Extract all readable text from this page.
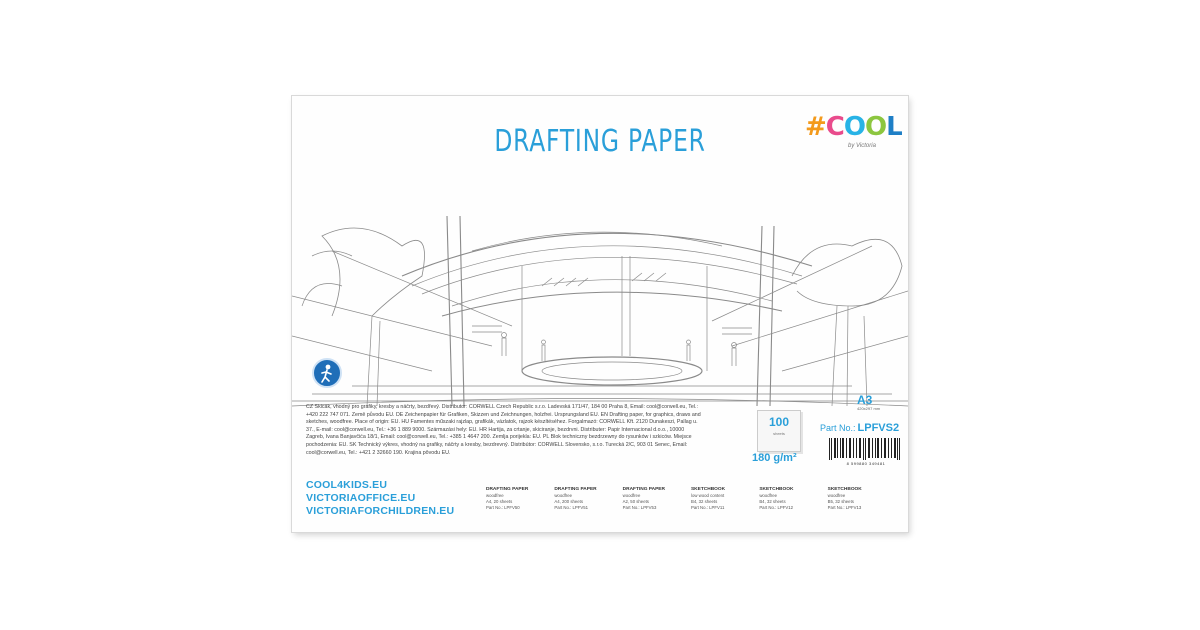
DRAFTING PAPER	#COOL
by Victoria
CZ Skicák, vhodný pro grafiky, kresby a náčrty, bezdřevý. Distributor: CORWELL Czech Republic s.r.o. Ladevská 171/47, 184 00 Praha 8, Email: cool@corwell.eu, Tel.: +420 222 747 071. Země původu EU. DE Zeichenpapier für Grafiken, Skizzen und Zeichnungen, holzfrei. Ursprungsland EU. EN Drafting paper, for graphics, draws and sketches, woodfree. Place of origin: EU. HU Famentes műszaki rajzlap, grafikák, vázlatok, rajzok készítéséhez. Forgalmazó: CORWELL Kft. 2120 Dunakeszi, Pallag u. 37., E-mail: cool@corwell.eu, Tel.: +36 1 889 9000. Származási hely: EU. HR Hartija, za crtanje, skiciranje, bezdrvni. Distributer: Papir Internacional d.o.o., 10000 Zagreb, Ivana Banjavčića 18/1, Email: cool@corwell.eu, Tel.: +385 1 4647 200. Zemlja porijekla: EU. PL Blok techniczny bezdrzewny do rysunków i szkiców. Miejsce pochodzenia: EU. SK Technický výkres, vhodný na grafiky, náčrty a kresby, bezdrevný. Distribútor: CORWELL Slovensko, s.r.o. Turecká 2/C, 903 01 Senec, Email: cool@corwell.eu, Tel.: +421 2 32660 190. Krajina pôvodu EU.
100
sheets
180 g/m²
A3
420x297 mm
Part No.: LPFVS2
8 599880 349481
COOL4KIDS.EU
VICTORIAOFFICE.EU
VICTORIAFORCHILDREN.EU
DRAFTING PAPER
woodfree
A4, 20 sheets
Part No.: LPFV50
DRAFTING PAPER
woodfree
A4, 200 sheets
Part No.: LPFV51
DRAFTING PAPER
woodfree
A2, 50 sheets
Part No.: LPFV53
SKETCHBOOK
low wood content
B4, 32 sheets
Part No.: LPFV11
SKETCHBOOK
woodfree
B4, 32 sheets
Part No.: LPFV12
SKETCHBOOK
woodfree
B5, 32 sheets
Part No.: LPFV13
